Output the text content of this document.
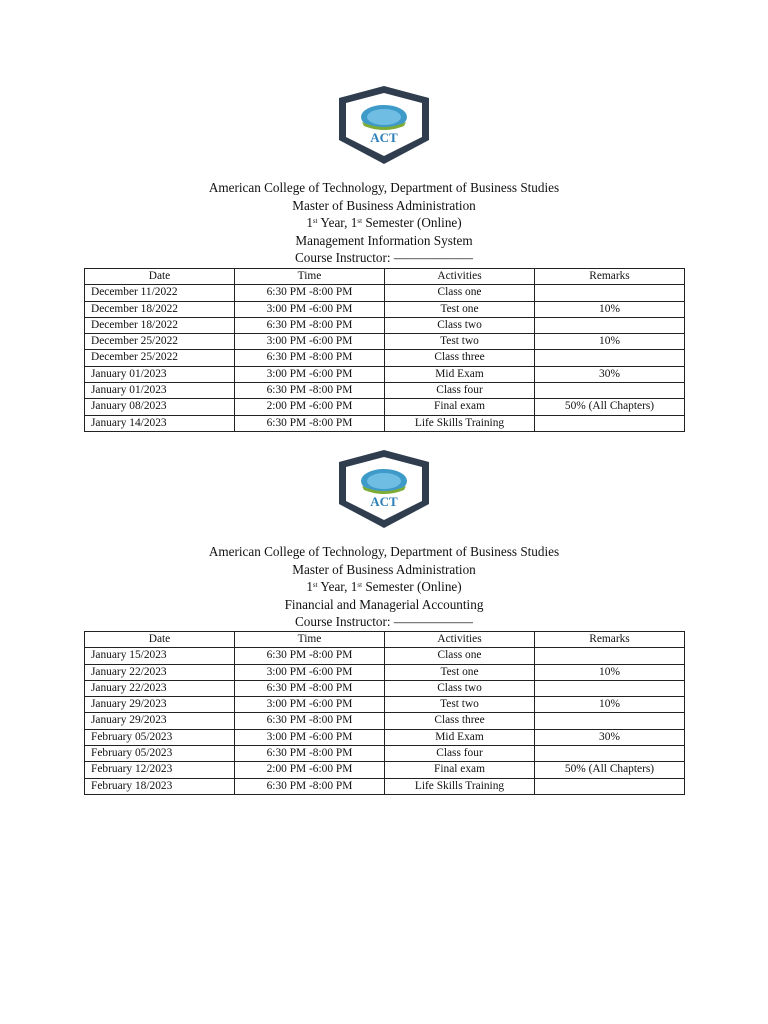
ACT
American College of Technology, Department of Business Studies
Master of Business Administration
1st Year, 1st Semester (Online)
Management Information System
Course Instructor: ——————
Date	Time	Activities	Remarks
December 11/2022	6:30 PM -8:00 PM	Class one	
December 18/2022	3:00 PM -6:00 PM	Test one	10%
December 18/2022	6:30 PM -8:00 PM	Class two	
December 25/2022	3:00 PM -6:00 PM	Test two	10%
December 25/2022	6:30 PM -8:00 PM	Class three	
January 01/2023	3:00 PM -6:00 PM	Mid Exam	30%
January 01/2023	6:30 PM -8:00 PM	Class four	
January 08/2023	2:00 PM -6:00 PM	Final exam	50% (All Chapters)
January 14/2023	6:30 PM -8:00 PM	Life Skills Training	
ACT
American College of Technology, Department of Business Studies
Master of Business Administration
1st Year, 1st Semester (Online)
Financial and Managerial Accounting
Course Instructor: ——————
Date	Time	Activities	Remarks
January 15/2023	6:30 PM -8:00 PM	Class one	
January 22/2023	3:00 PM -6:00 PM	Test one	10%
January 22/2023	6:30 PM -8:00 PM	Class two	
January 29/2023	3:00 PM -6:00 PM	Test two	10%
January 29/2023	6:30 PM -8:00 PM	Class three	
February 05/2023	3:00 PM -6:00 PM	Mid Exam	30%
February 05/2023	6:30 PM -8:00 PM	Class four	
February 12/2023	2:00 PM -6:00 PM	Final exam	50% (All Chapters)
February 18/2023	6:30 PM -8:00 PM	Life Skills Training	
